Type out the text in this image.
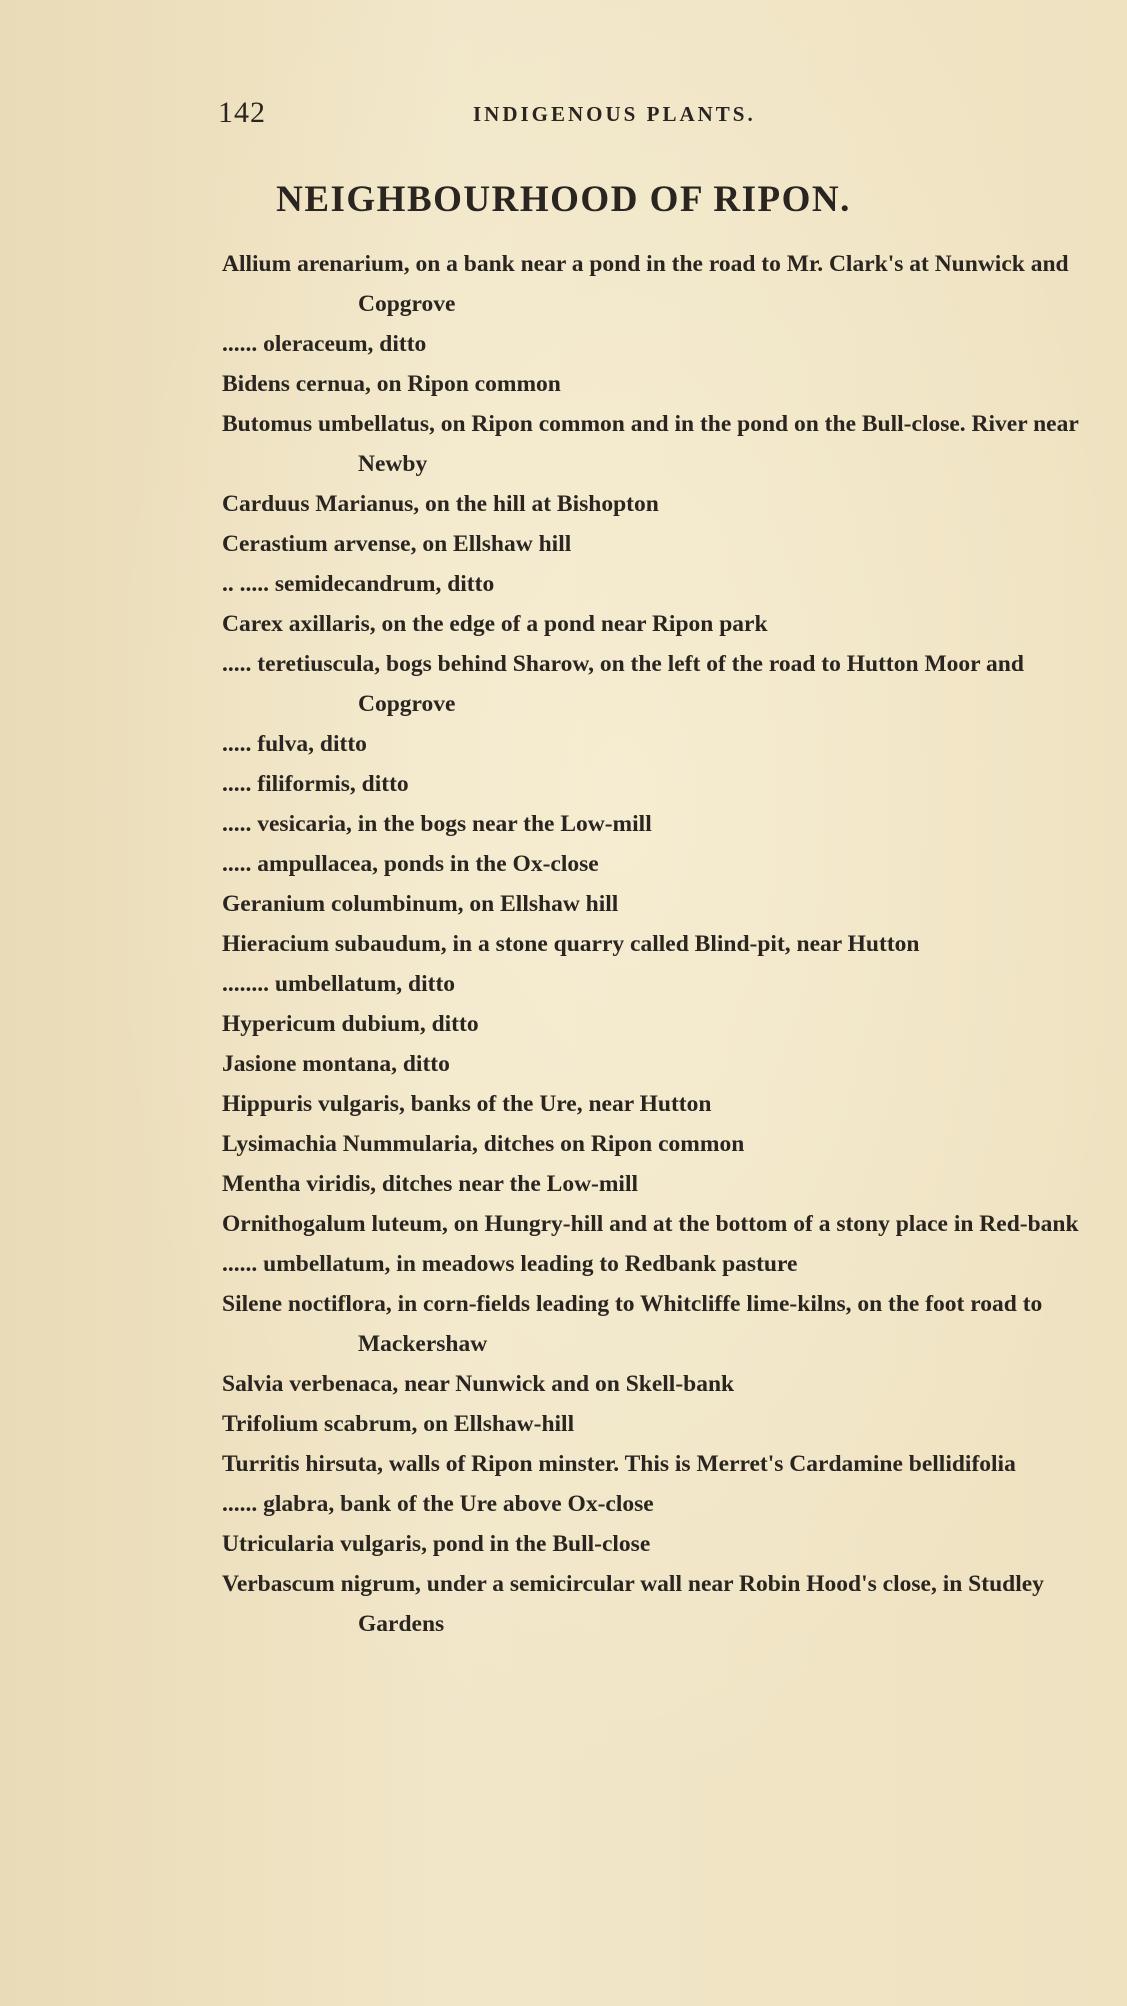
142	INDIGENOUS PLANTS.
NEIGHBOURHOOD OF RIPON.

Allium arenarium, on a bank near a pond in the road to Mr. Clark's at Nunwick and Copgrove

...... oleraceum, ditto

Bidens cernua, on Ripon common

Butomus umbellatus, on Ripon common and in the pond on the Bull-close. River near Newby

Carduus Marianus, on the hill at Bishopton

Cerastium arvense, on Ellshaw hill

.. ..... semidecandrum, ditto

Carex axillaris, on the edge of a pond near Ripon park

..... teretiuscula, bogs behind Sharow, on the left of the road to Hutton Moor and Copgrove

..... fulva, ditto

..... filiformis, ditto

..... vesicaria, in the bogs near the Low-mill

..... ampullacea, ponds in the Ox-close

Geranium columbinum, on Ellshaw hill

Hieracium subaudum, in a stone quarry called Blind-pit, near Hutton

........ umbellatum, ditto

Hypericum dubium, ditto

Jasione montana, ditto

Hippuris vulgaris, banks of the Ure, near Hutton

Lysimachia Nummularia, ditches on Ripon common

Mentha viridis, ditches near the Low-mill

Ornithogalum luteum, on Hungry-hill and at the bottom of a stony place in Red-bank

...... umbellatum, in meadows leading to Redbank pasture

Silene noctiflora, in corn-fields leading to Whitcliffe lime-kilns, on the foot road to Mackershaw

Salvia verbenaca, near Nunwick and on Skell-bank

Trifolium scabrum, on Ellshaw-hill

Turritis hirsuta, walls of Ripon minster. This is Merret's Cardamine bellidifolia

...... glabra, bank of the Ure above Ox-close

Utricularia vulgaris, pond in the Bull-close

Verbascum nigrum, under a semicircular wall near Robin Hood's close, in Studley Gardens
